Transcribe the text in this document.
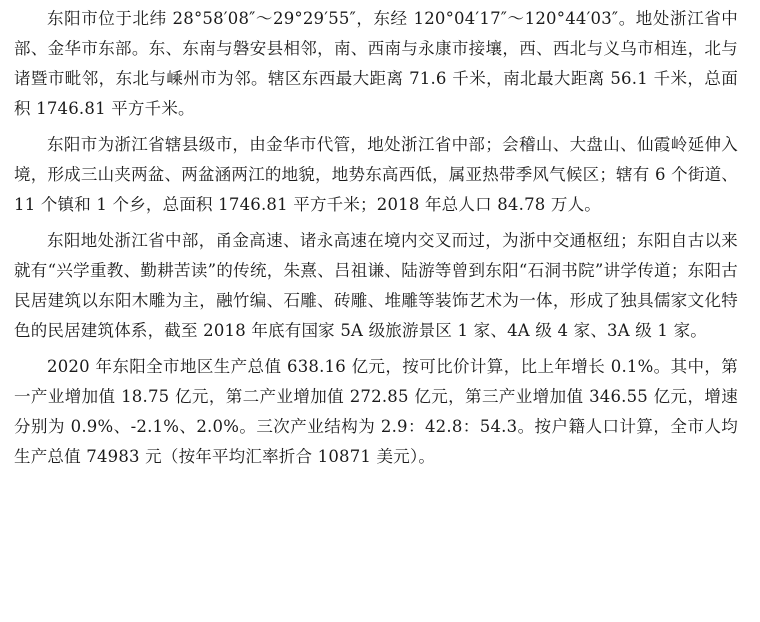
东阳市位于北纬 28°58′08″～29°29′55″，东经 120°04′17″～120°44′03″。地处浙江省中部、金华市东部。东、东南与磐安县相邻，南、西南与永康市接壤，西、西北与义乌市相连，北与诸暨市毗邻，东北与嵊州市为邻。辖区东西最大距离 71.6 千米，南北最大距离 56.1 千米，总面积 1746.81 平方千米。

东阳市为浙江省辖县级市，由金华市代管，地处浙江省中部；会稽山、大盘山、仙霞岭延伸入境，形成三山夹两盆、两盆涵两江的地貌，地势东高西低，属亚热带季风气候区；辖有 6 个街道、11 个镇和 1 个乡，总面积 1746.81 平方千米；2018 年总人口 84.78 万人。

东阳地处浙江省中部，甬金高速、诸永高速在境内交叉而过，为浙中交通枢纽；东阳自古以来就有“兴学重教、勤耕苦读”的传统，朱熹、吕祖谦、陆游等曾到东阳“石洞书院”讲学传道；东阳古民居建筑以东阳木雕为主，融竹编、石雕、砖雕、堆雕等装饰艺术为一体，形成了独具儒家文化特色的民居建筑体系，截至 2018 年底有国家 5A 级旅游景区 1 家、4A 级 4 家、3A 级 1 家。

2020 年东阳全市地区生产总值 638.16 亿元，按可比价计算，比上年增长 0.1%。其中，第一产业增加值 18.75 亿元，第二产业增加值 272.85 亿元，第三产业增加值 346.55 亿元，增速分别为 0.9%、-2.1%、2.0%。三次产业结构为 2.9：42.8：54.3。按户籍人口计算，全市人均生产总值 74983 元（按年平均汇率折合 10871 美元）。
